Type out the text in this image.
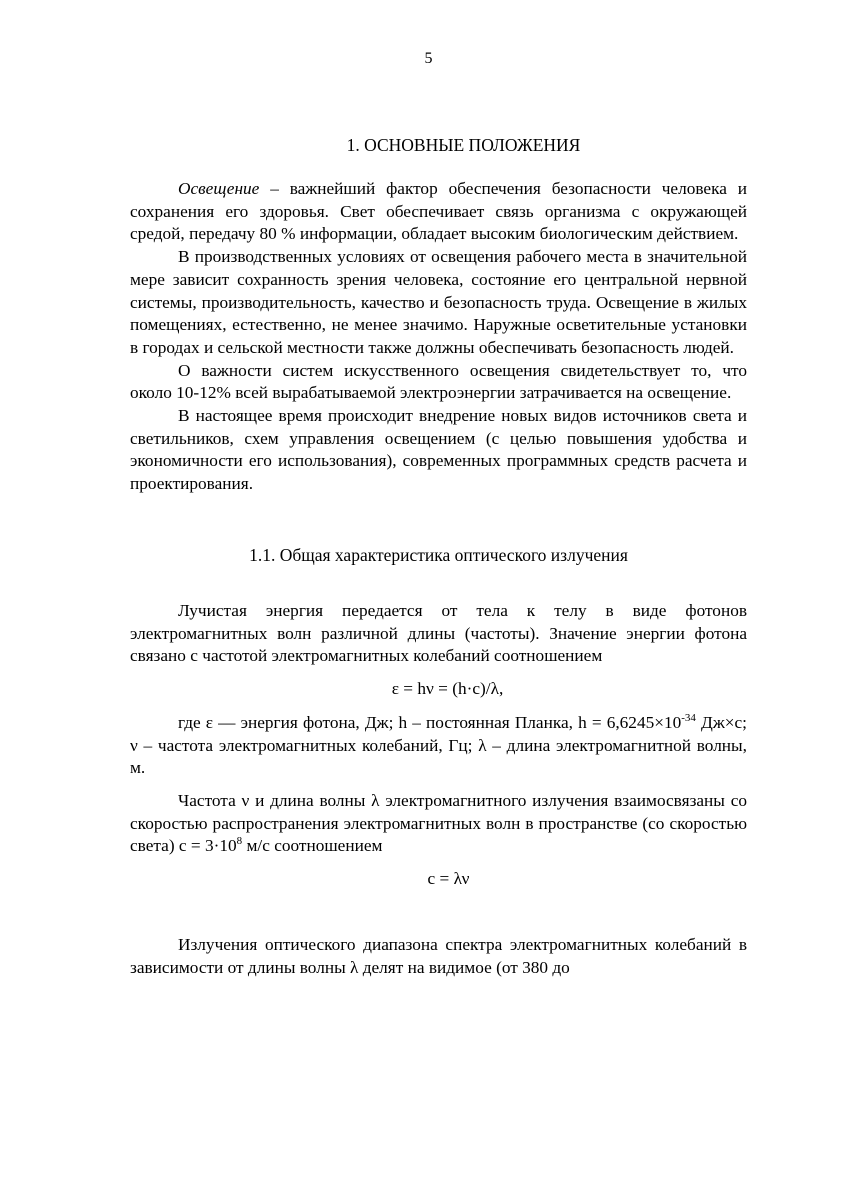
5
1. ОСНОВНЫЕ ПОЛОЖЕНИЯ

Освещение – важнейший фактор обеспечения безопасности человека и сохранения его здоровья. Свет обеспечивает связь организма с окружающей средой, передачу 80 % информации, обладает высоким биологическим действием.

В производственных условиях от освещения рабочего места в значительной мере зависит сохранность зрения человека, состояние его центральной нервной системы, производительность, качество и безопасность труда. Освещение в жилых помещениях, естественно, не менее значимо. Наружные осветительные установки в городах и сельской местности также должны обеспечивать безопасность людей.

О важности систем искусственного освещения свидетельствует то, что около 10-12% всей вырабатываемой электроэнергии затрачивается на освещение.

В настоящее время происходит внедрение новых видов источников света и светильников, схем управления освещением (с целью повышения удобства и экономичности его использования), современных программных средств расчета и проектирования.

1.1. Общая характеристика оптического излучения

Лучистая энергия передается от тела к телу в виде фотонов электромагнитных волн различной длины (частоты). Значение энергии фотона связано с частотой электромагнитных колебаний соотношением

ε = hν = (h·c)/λ,

где ε — энергия фотона, Дж; h – постоянная Планка, $h = 6,6245\times 10^{-34}$ Дж×с; ν – частота электромагнитных колебаний, Гц; λ – длина электромагнитной волны, м.

Частота ν и длина волны λ электромагнитного излучения взаимосвязаны со скоростью распространения электромагнитных волн в пространстве (со скоростью света) $c = 3\cdot 10^8$ м/с соотношением

c = λν

Излучения оптического диапазона спектра электромагнитных колебаний в зависимости от длины волны λ делят на видимое (от 380 до
